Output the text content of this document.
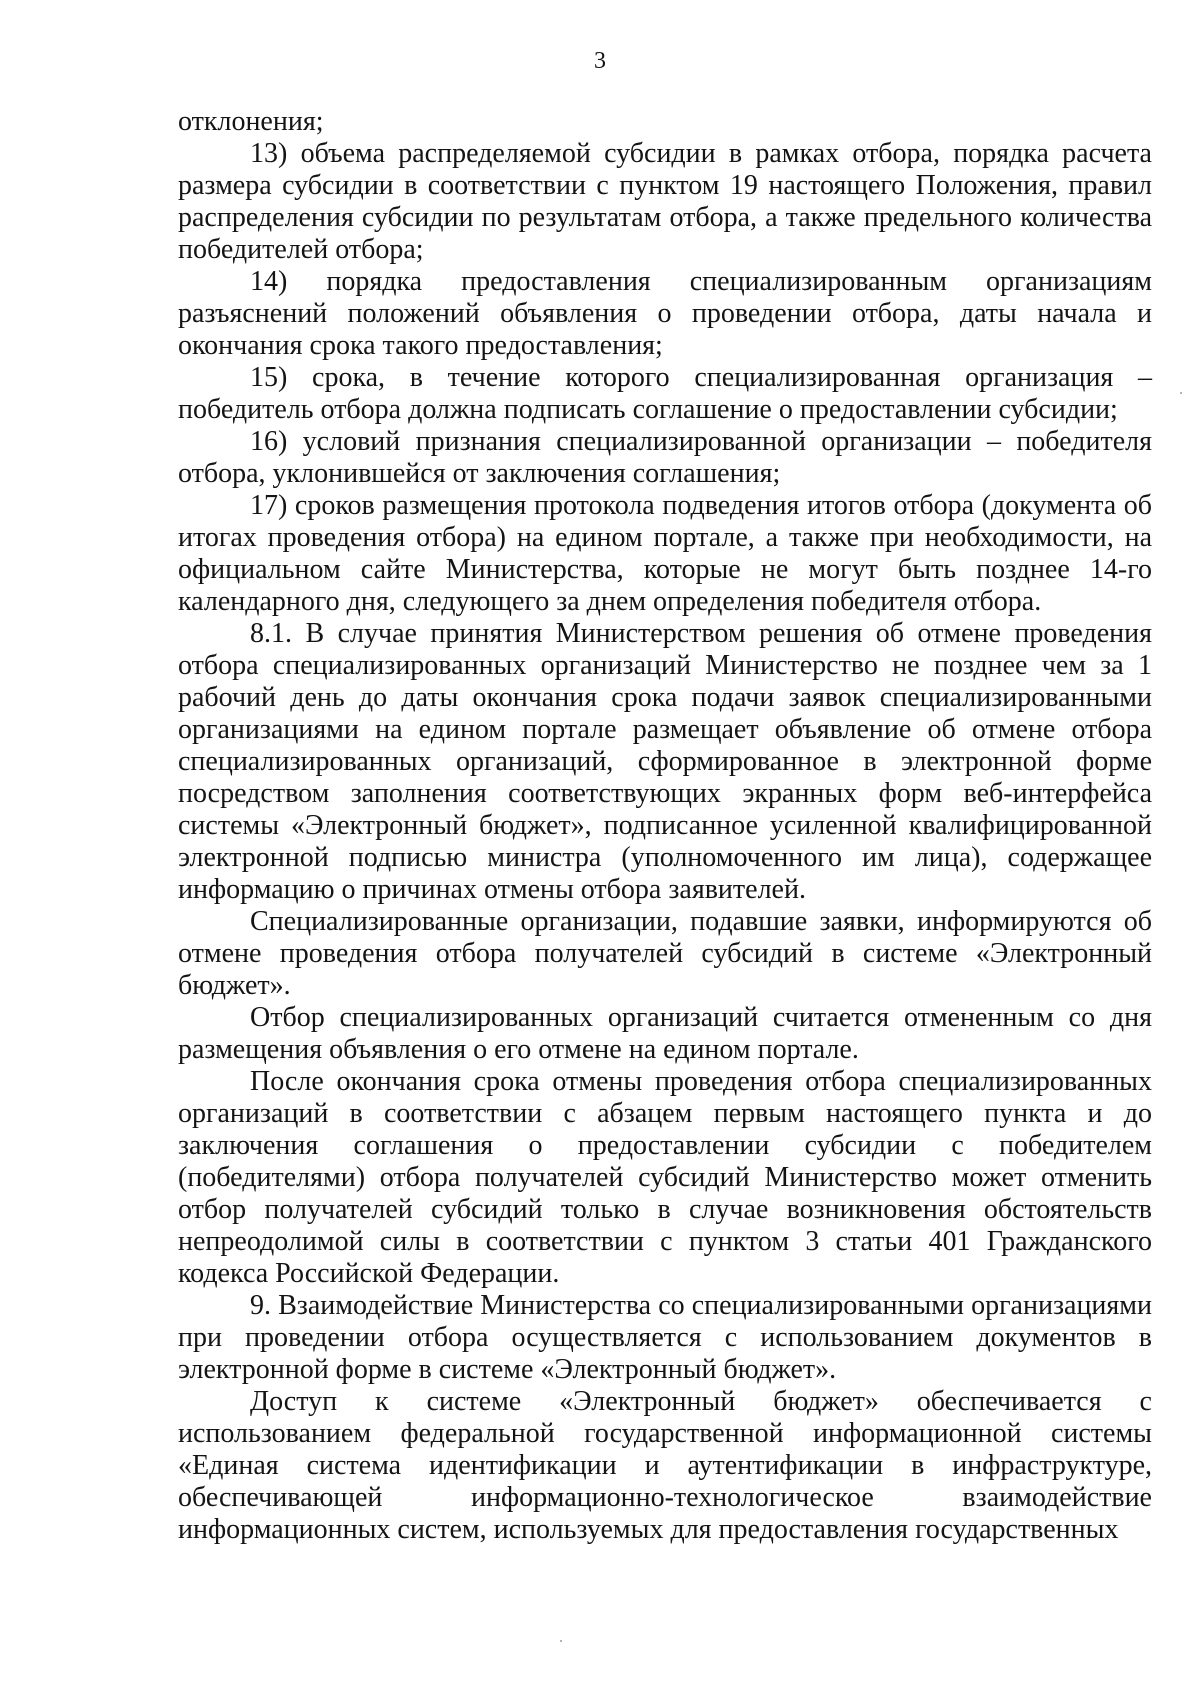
3

отклонения;

13) объема распределяемой субсидии в рамках отбора, порядка расчета размера субсидии в соответствии с пунктом 19 настоящего Положения, правил распределения субсидии по результатам отбора, а также предельного количества победителей отбора;

14) порядка предоставления специализированным организациям разъяснений положений объявления о проведении отбора, даты начала и окончания срока такого предоставления;

15) срока, в течение которого специализированная организация – победитель отбора должна подписать соглашение о предоставлении субсидии;

16) условий признания специализированной организации – победителя отбора, уклонившейся от заключения соглашения;

17) сроков размещения протокола подведения итогов отбора (документа об итогах проведения отбора) на едином портале, а также при необходимости, на официальном сайте Министерства, которые не могут быть позднее 14-го календарного дня, следующего за днем определения победителя отбора.

8.1. В случае принятия Министерством решения об отмене проведения отбора специализированных организаций Министерство не позднее чем за 1 рабочий день до даты окончания срока подачи заявок специализированными организациями на едином портале размещает объявление об отмене отбора специализированных организаций, сформированное в электронной форме посредством заполнения соответствующих экранных форм веб-интерфейса системы «Электронный бюджет», подписанное усиленной квалифицированной электронной подписью министра (уполномоченного им лица), содержащее информацию о причинах отмены отбора заявителей.

Специализированные организации, подавшие заявки, информируются об отмене проведения отбора получателей субсидий в системе «Электронный бюджет».

Отбор специализированных организаций считается отмененным со дня размещения объявления о его отмене на едином портале.

После окончания срока отмены проведения отбора специализированных организаций в соответствии с абзацем первым настоящего пункта и до заключения соглашения о предоставлении субсидии с победителем (победителями) отбора получателей субсидий Министерство может отменить отбор получателей субсидий только в случае возникновения обстоятельств непреодолимой силы в соответствии с пунктом 3 статьи 401 Гражданского кодекса Российской Федерации.

9. Взаимодействие Министерства со специализированными организациями при проведении отбора осуществляется с использованием документов в электронной форме в системе «Электронный бюджет».

Доступ к системе «Электронный бюджет» обеспечивается с использованием федеральной государственной информационной системы «Единая система идентификации и аутентификации в инфраструктуре, обеспечивающей информационно-технологическое взаимодействие информационных систем, используемых для предоставления государственных
